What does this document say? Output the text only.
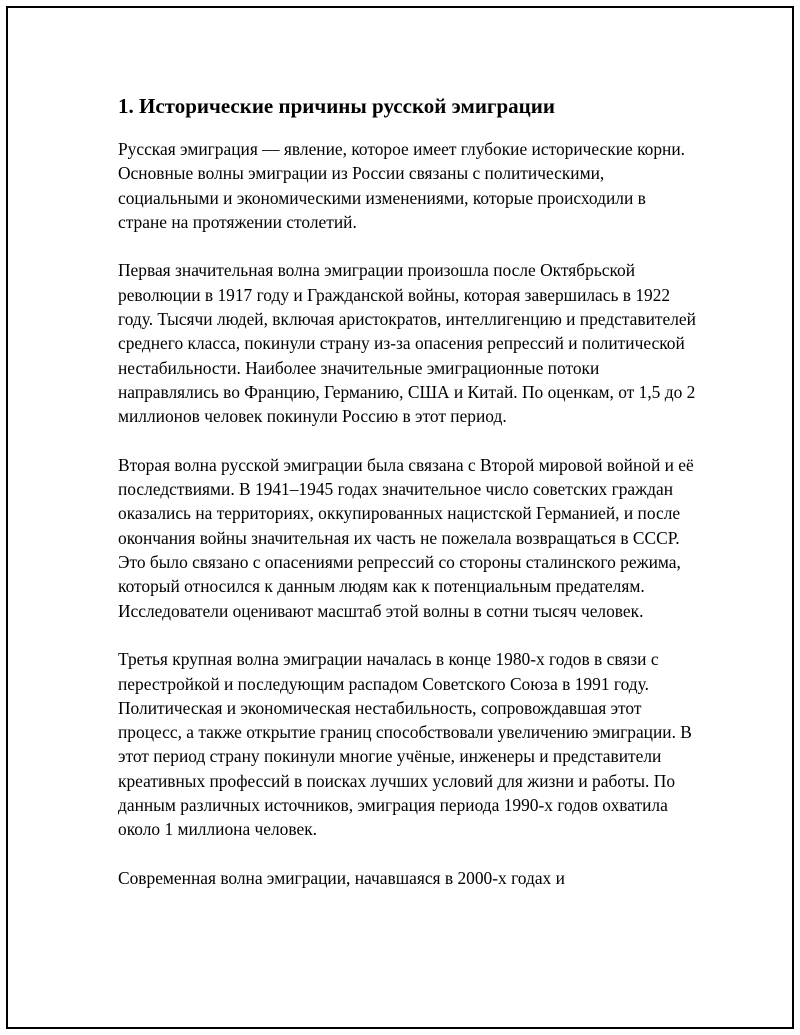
1. Исторические причины русской эмиграции

Русская эмиграция — явление, которое имеет глубокие исторические корни. Основные волны эмиграции из России связаны с политическими, социальными и экономическими изменениями, которые происходили в стране на протяжении столетий.

Первая значительная волна эмиграции произошла после Октябрьской революции в 1917 году и Гражданской войны, которая завершилась в 1922 году. Тысячи людей, включая аристократов, интеллигенцию и представителей среднего класса, покинули страну из-за опасения репрессий и политической нестабильности. Наиболее значительные эмиграционные потоки направлялись во Францию, Германию, США и Китай. По оценкам, от 1,5 до 2 миллионов человек покинули Россию в этот период.

Вторая волна русской эмиграции была связана с Второй мировой войной и её последствиями. В 1941–1945 годах значительное число советских граждан оказались на территориях, оккупированных нацистской Германией, и после окончания войны значительная их часть не пожелала возвращаться в СССР. Это было связано с опасениями репрессий со стороны сталинского режима, который относился к данным людям как к потенциальным предателям. Исследователи оценивают масштаб этой волны в сотни тысяч человек.

Третья крупная волна эмиграции началась в конце 1980-х годов в связи с перестройкой и последующим распадом Советского Союза в 1991 году. Политическая и экономическая нестабильность, сопровождавшая этот процесс, а также открытие границ способствовали увеличению эмиграции. В этот период страну покинули многие учёные, инженеры и представители креативных профессий в поисках лучших условий для жизни и работы. По данным различных источников, эмиграция периода 1990-х годов охватила около 1 миллиона человек.

Современная волна эмиграции, начавшаяся в 2000-х годах и
